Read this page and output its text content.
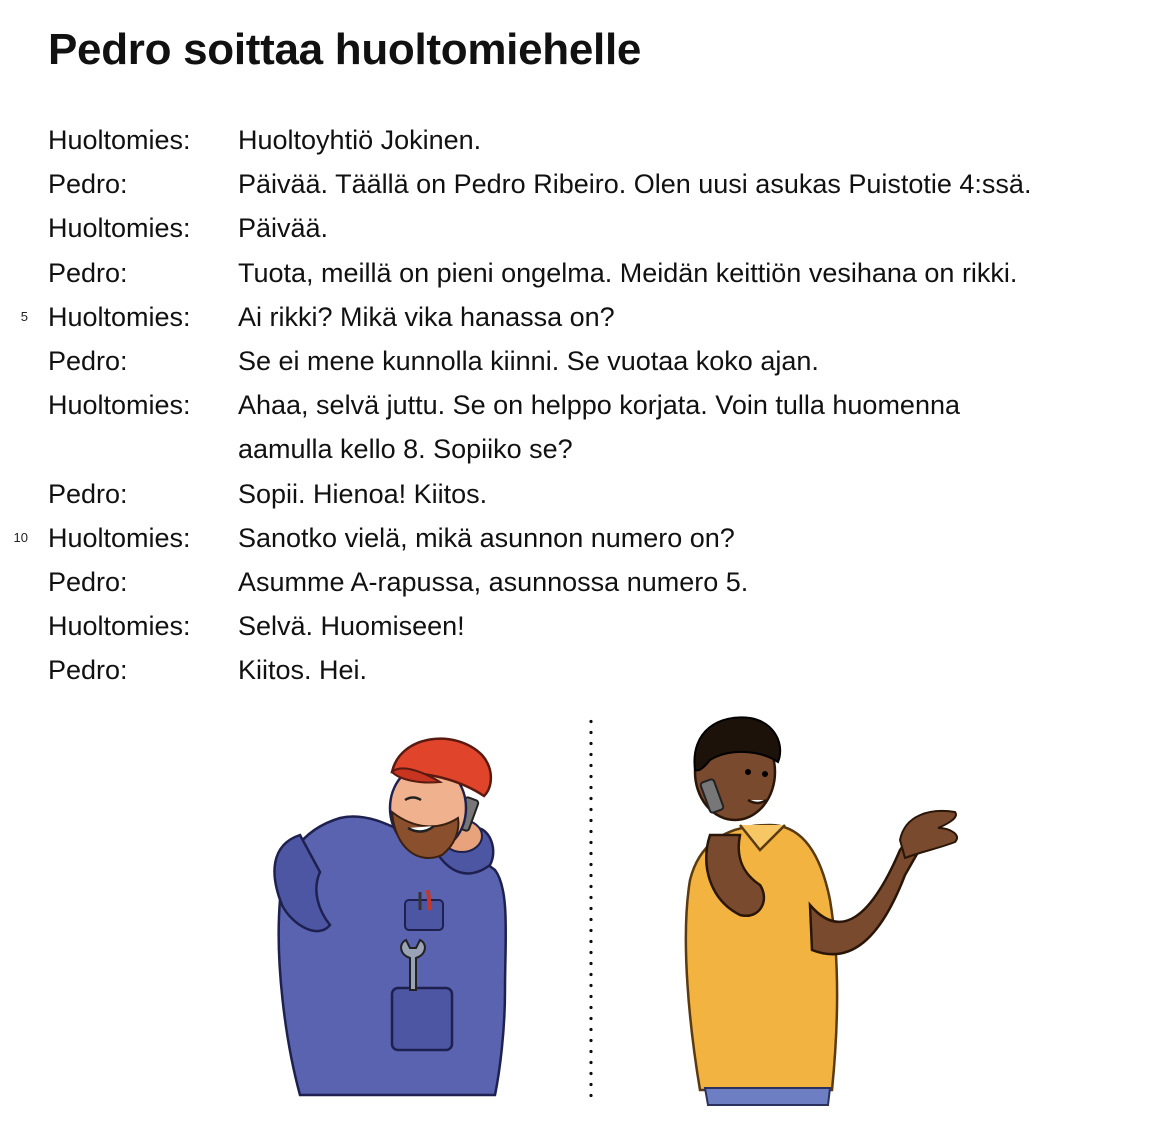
Pedro soittaa huoltomiehelle
Huoltomies: Huoltoyhtiö Jokinen.
Pedro:	Päivää. Täällä on Pedro Ribeiro. Olen uusi asukas Puistotie 4:ssä.
Huoltomies: Päivää.
Pedro:	Tuota, meillä on pieni ongelma. Meidän keittiön vesihana on rikki.
5 Huoltomies: Ai rikki? Mikä vika hanassa on?
Pedro:	Se ei mene kunnolla kiinni. Se vuotaa koko ajan.
Huoltomies: Ahaa, selvä juttu. Se on helppo korjata. Voin tulla huomenna
aamulla kello 8. Sopiiko se?
Pedro:	Sopii. Hienoa! Kiitos.
10 Huoltomies: Sanotko vielä, mikä asunnon numero on?
Pedro:	Asumme A-rapussa, asunnossa numero 5.
Huoltomies: Selvä. Huomiseen!
Pedro:	Kiitos. Hei.
